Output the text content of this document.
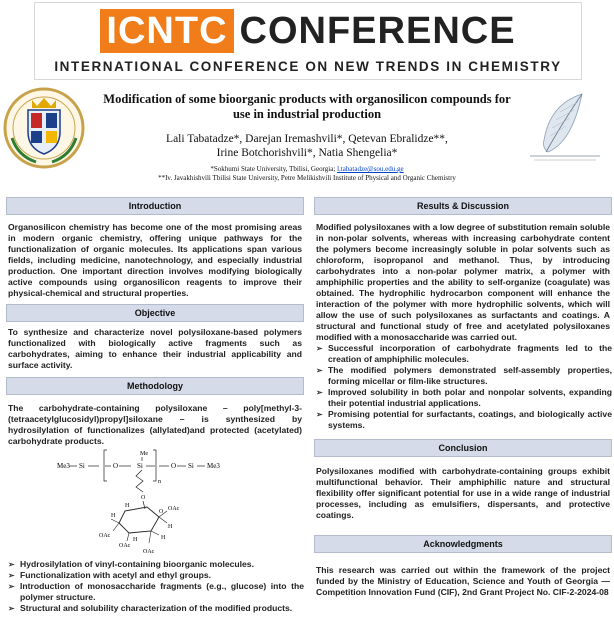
ICNTC CONFERENCE
INTERNATIONAL CONFERENCE ON NEW TRENDS IN CHEMISTRY
Modification of some bioorganic products with organosilicon compounds for use in industrial production
Lali Tabatadze*, Darejan Iremashvili*, Qetevan Ebralidze**,
Irine Botchorishvili*, Natia Shengelia*
*Sokhumi State University, Tbilisi, Georgia; l.tabatadze@sou.edu.ge
**Iv. Javakhishvili Tbilisi State University, Petre Melikishvili Institute of Physical and Organic Chemistry
Introduction
Organosilicon chemistry has become one of the most promising areas in modern organic chemistry, offering unique pathways for the functionalization of organic molecules. Its applications span various fields, including medicine, nanotechnology, and especially industrial production. One important direction involves modifying biologically active compounds using organosilicon reagents to improve their physical-chemical and structural properties.
Objective
To synthesize and characterize novel polysiloxane-based polymers functionalized with biologically active fragments such as carbohydrates, aiming to enhance their industrial applicability and surface activity.
Methodology
The carbohydrate-containing polysiloxane – poly[methyl-3-(tetraacetylglucosidyl)propyl]siloxane – is synthesized by hydrosilylation of functionalizes (allylated)and protected (acetylated) carbohydrate products.
Me3 Si	O
Me
Si
n
O Si Me3
O
O OAc
H
H
OAc
OAc
H	H
OAc
H
➢ Hydrosilylation of vinyl-containing bioorganic molecules.
➢ Functionalization with acetyl and ethyl groups.
➢ Introduction of monosaccharide fragments (e.g., glucose) into the polymer structure.
➢ Structural and solubility characterization of the modified products.
Results & Discussion
Modified polysiloxanes with a low degree of substitution remain soluble in non-polar solvents, whereas with increasing carbohydrate content the polymers become increasingly soluble in polar solvents such as chloroform, isopropanol and methanol. Thus, by introducing carbohydrates into a non-polar polymer matrix, a polymer with amphiphilic properties and the ability to self-organize (coagulate) was obtained. The hydrophilic hydrocarbon component will enhance the interaction of the polymer with more hydrophilic solvents, which will allow the use of such polysiloxanes as surfactants and coatings. A structural and functional study of free and acetylated polysiloxanes modified with a monosaccharide was carried out.
➢ Successful incorporation of carbohydrate fragments led to the creation of amphiphilic molecules.
➢ The modified polymers demonstrated self-assembly properties, forming micellar or film-like structures.
➢ Improved solubility in both polar and nonpolar solvents, expanding their potential industrial applications.
➢ Promising potential for surfactants, coatings, and biologically active systems.
Conclusion
Polysiloxanes modified with carbohydrate-containing groups exhibit multifunctional behavior. Their amphiphilic nature and structural flexibility offer significant potential for use in a wide range of industrial processes, including as emulsifiers, dispersants, and protective coatings.
Acknowledgments
This research was carried out within the framework of the project funded by the Ministry of Education, Science and Youth of Georgia — Competition Innovation Fund (CIF), 2nd Grant Project No. CIF-2-2024-08
